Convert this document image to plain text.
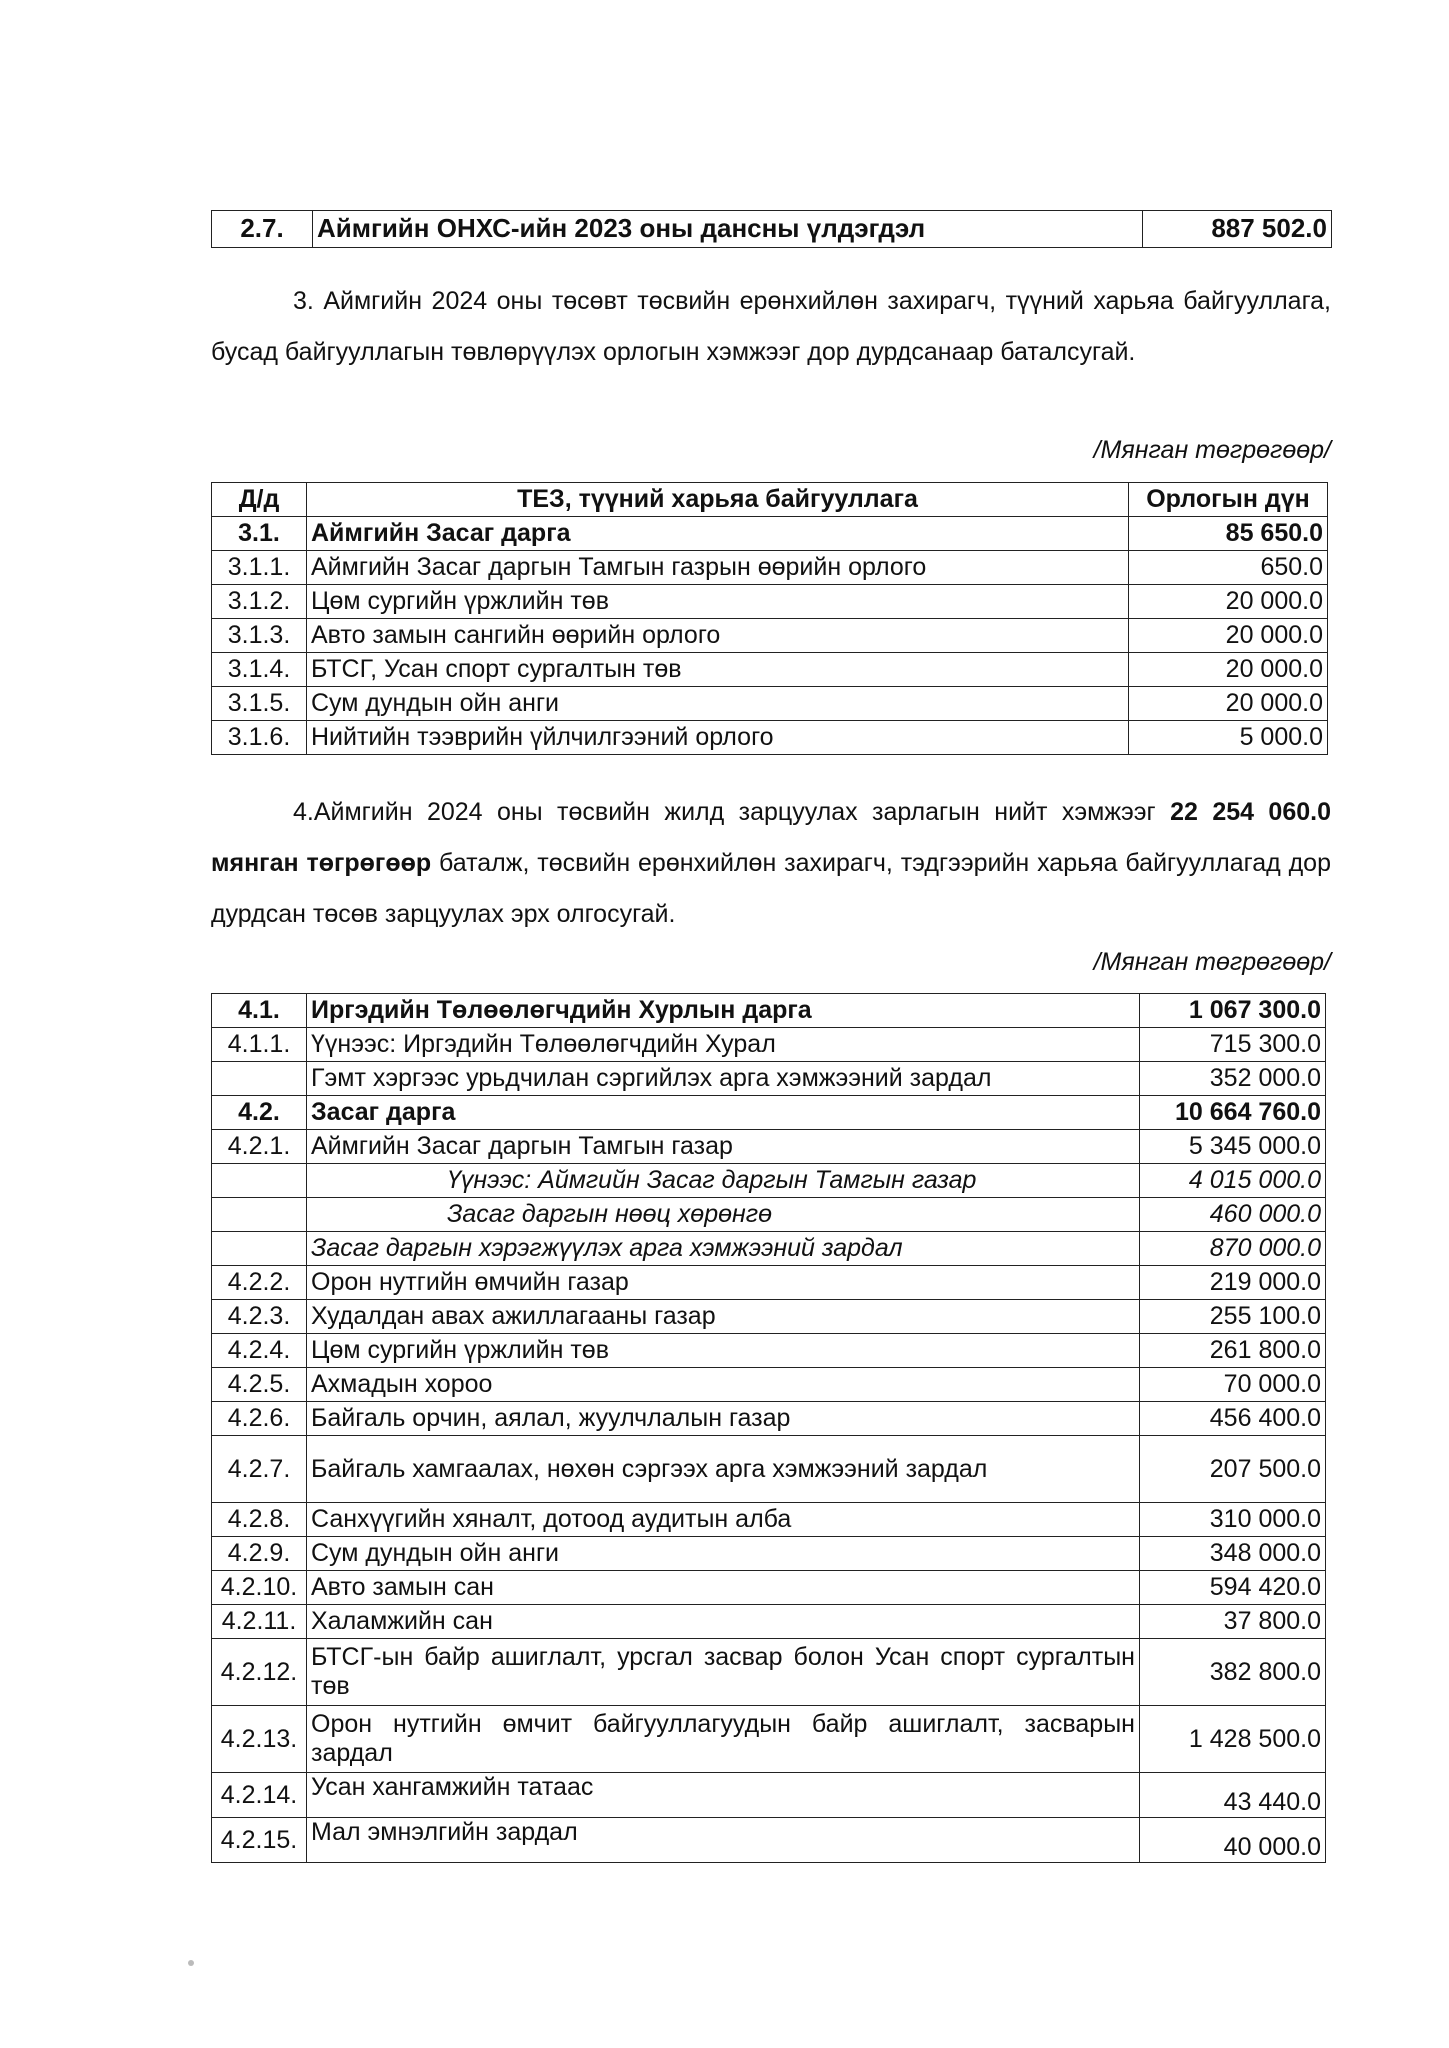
2.7.	Аймгийн ОНХС-ийн 2023 оны дансны үлдэгдэл	887 502.0

3. Аймгийн 2024 оны төсөвт төсвийн ерөнхийлөн захирагч, түүний харьяа байгууллага, бусад байгууллагын төвлөрүүлэх орлогын хэмжээг дор дурдсанаар баталсугай.

/Мянган төгрөгөөр/

Д/д	ТЕЗ, түүний харьяа байгууллага	Орлогын дүн
3.1.	Аймгийн Засаг дарга	85 650.0
3.1.1.	Аймгийн Засаг даргын Тамгын газрын өөрийн орлого	650.0
3.1.2.	Цөм сургийн үржлийн төв	20 000.0
3.1.3.	Авто замын сангийн өөрийн орлого	20 000.0
3.1.4.	БТСГ, Усан спорт сургалтын төв	20 000.0
3.1.5.	Сум дундын ойн анги	20 000.0
3.1.6.	Нийтийн тээврийн үйлчилгээний орлого	5 000.0

4.Аймгийн 2024 оны төсвийн жилд зарцуулах зарлагын нийт хэмжээг 22 254 060.0 мянган төгрөгөөр баталж, төсвийн ерөнхийлөн захирагч, тэдгээрийн харьяа байгууллагад дор дурдсан төсөв зарцуулах эрх олгосугай.

/Мянган төгрөгөөр/

4.1.	Иргэдийн Төлөөлөгчдийн Хурлын дарга	1 067 300.0
4.1.1.	Үүнээс: Иргэдийн Төлөөлөгчдийн Хурал	715 300.0
	Гэмт хэргээс урьдчилан сэргийлэх арга хэмжээний зардал	352 000.0
4.2.	Засаг дарга	10 664 760.0
4.2.1.	Аймгийн Засаг даргын Тамгын газар	5 345 000.0
	Үүнээс: Аймгийн Засаг даргын Тамгын газар	4 015 000.0
	Засаг даргын нөөц хөрөнгө	460 000.0
	Засаг даргын хэрэгжүүлэх арга хэмжээний зардал	870 000.0
4.2.2.	Орон нутгийн өмчийн газар	219 000.0
4.2.3.	Худалдан авах ажиллагааны газар	255 100.0
4.2.4.	Цөм сургийн үржлийн төв	261 800.0
4.2.5.	Ахмадын хороо	70 000.0
4.2.6.	Байгаль орчин, аялал, жуулчлалын газар	456 400.0
4.2.7.	Байгаль хамгаалах, нөхөн сэргээх арга хэмжээний зардал	207 500.0
4.2.8.	Санхүүгийн хяналт, дотоод аудитын алба	310 000.0
4.2.9.	Сум дундын ойн анги	348 000.0
4.2.10.	Авто замын сан	594 420.0
4.2.11.	Халамжийн сан	37 800.0
4.2.12.	БТСГ-ын байр ашиглалт, урсгал засвар болон Усан спорт сургалтын төв	382 800.0
4.2.13.	Орон нутгийн өмчит байгууллагуудын байр ашиглалт, засварын зардал	1 428 500.0
4.2.14.	Усан хангамжийн татаас	43 440.0
4.2.15.	Мал эмнэлгийн зардал	40 000.0
